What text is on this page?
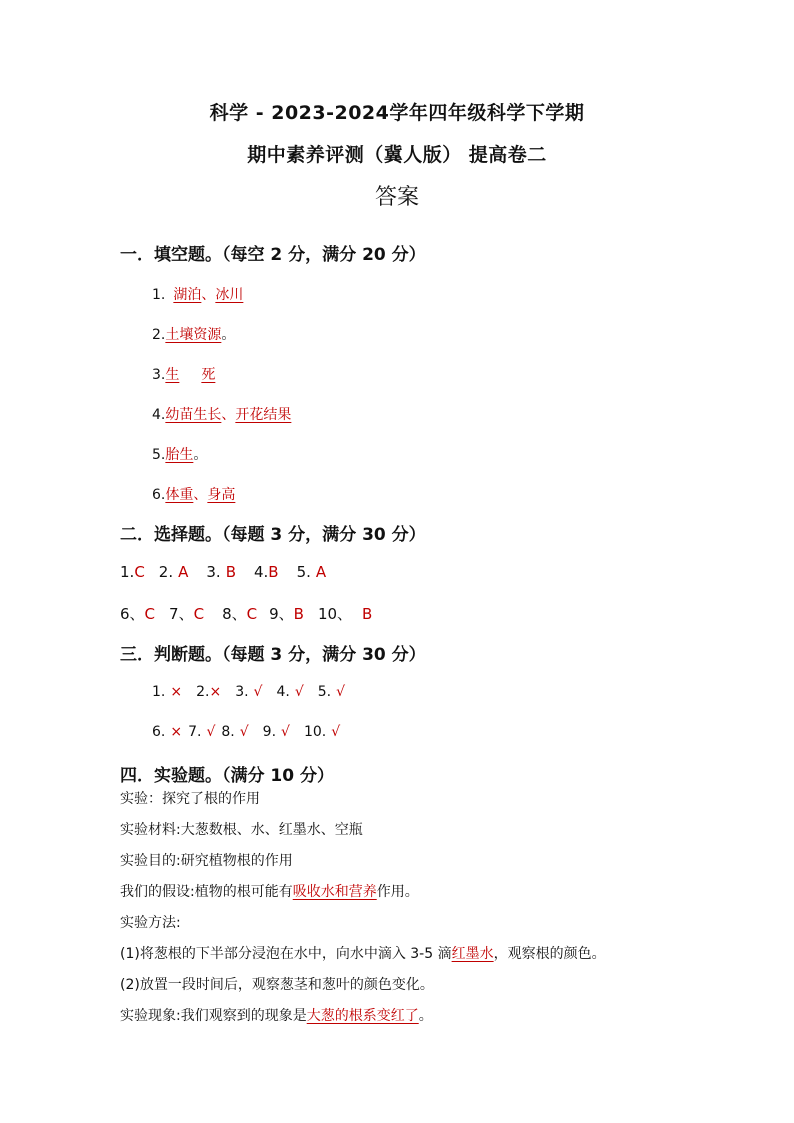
科学 - 2023-2024学年四年级科学下学期
期中素养评测（冀人版） 提高卷二
答案
一．填空题。（每空 2 分，满分 20 分）
1. 湖泊、冰川
2.土壤资源。
3.生 死
4.幼苗生长、开花结果
5.胎生。
6.体重、身高
二．选择题。（每题 3 分，满分 30 分）
1.C 2. A 3. B 4.B 5. A
6、C 7、C 8、C 9、B 10、 B
三．判断题。（每题 3 分，满分 30 分）
1. × 2.× 3. √ 4. √ 5. √
6. × 7. √ 8. √ 9. √ 10. √
四．实验题。（满分 10 分）
实验：探究了根的作用
实验材料:大葱数根、水、红墨水、空瓶
实验目的:研究植物根的作用
我们的假设:植物的根可能有吸收水和营养作用。
实验方法:
(1)将葱根的下半部分浸泡在水中，向水中滴入 3-5 滴红墨水，观察根的颜色。
(2)放置一段时间后，观察葱茎和葱叶的颜色变化。
实验现象:我们观察到的现象是大葱的根系变红了。
